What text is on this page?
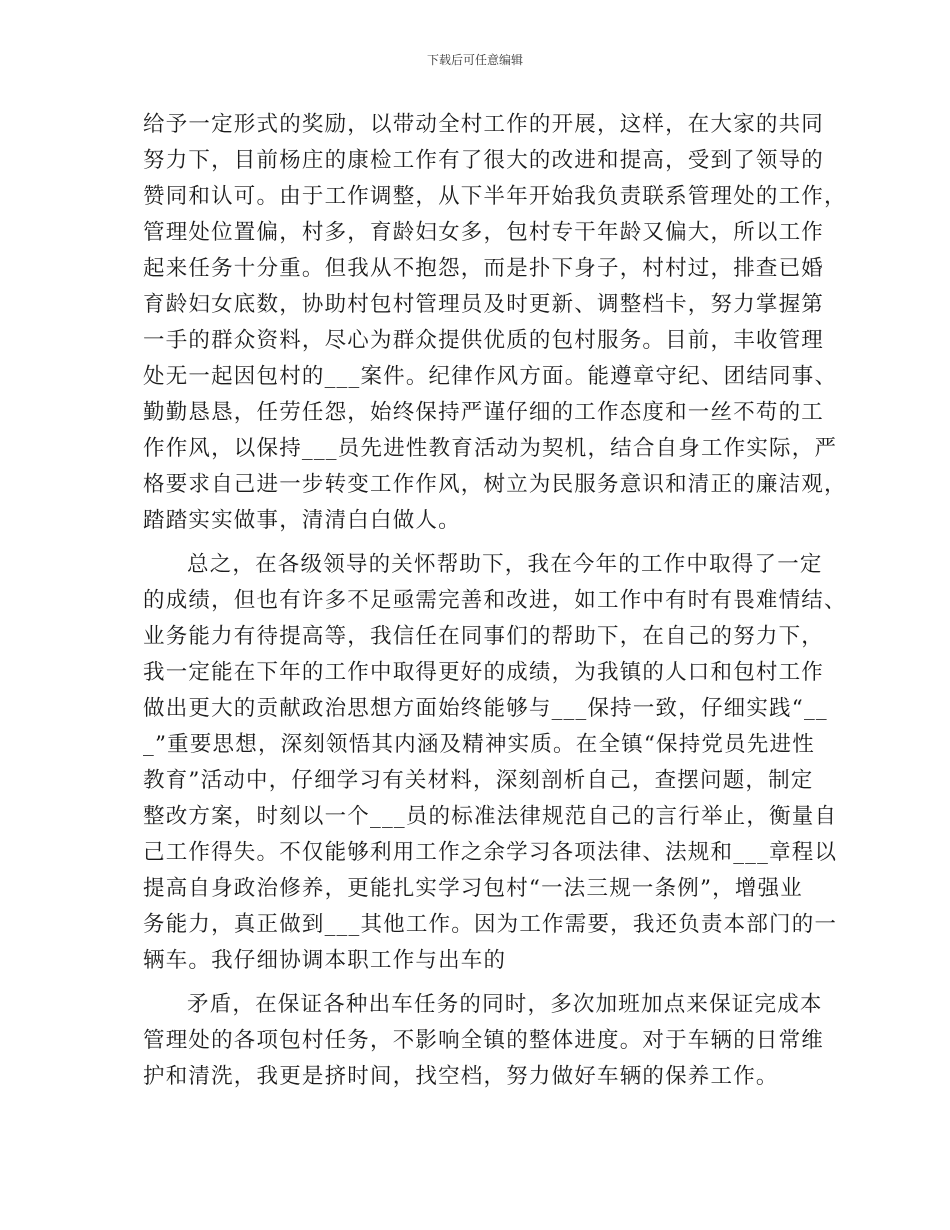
下载后可任意编辑
给予一定形式的奖励，以带动全村工作的开展，这样，在大家的共同
努力下，目前杨庄的康检工作有了很大的改进和提高，受到了领导的
赞同和认可。由于工作调整，从下半年开始我负责联系管理处的工作，
管理处位置偏，村多，育龄妇女多，包村专干年龄又偏大，所以工作
起来任务十分重。但我从不抱怨，而是扑下身子，村村过，排查已婚
育龄妇女底数，协助村包村管理员及时更新、调整档卡，努力掌握第
一手的群众资料，尽心为群众提供优质的包村服务。目前，丰收管理
处无一起因包村的___案件。纪律作风方面。能遵章守纪、团结同事、
勤勤恳恳，任劳任怨，始终保持严谨仔细的工作态度和一丝不苟的工
作作风，以保持___员先进性教育活动为契机，结合自身工作实际，严
格要求自己进一步转变工作作风，树立为民服务意识和清正的廉洁观，
踏踏实实做事，清清白白做人。
总之，在各级领导的关怀帮助下，我在今年的工作中取得了一定
的成绩，但也有许多不足亟需完善和改进，如工作中有时有畏难情结、
业务能力有待提高等，我信任在同事们的帮助下，在自己的努力下，
我一定能在下年的工作中取得更好的成绩，为我镇的人口和包村工作
做出更大的贡献政治思想方面始终能够与___保持一致，仔细实践“__
_”重要思想，深刻领悟其内涵及精神实质。在全镇“保持党员先进性
教育”活动中，仔细学习有关材料，深刻剖析自己，查摆问题，制定
整改方案，时刻以一个___员的标准法律规范自己的言行举止，衡量自
己工作得失。不仅能够利用工作之余学习各项法律、法规和___章程以
提高自身政治修养，更能扎实学习包村“一法三规一条例”，增强业
务能力，真正做到___其他工作。因为工作需要，我还负责本部门的一
辆车。我仔细协调本职工作与出车的
矛盾，在保证各种出车任务的同时，多次加班加点来保证完成本
管理处的各项包村任务，不影响全镇的整体进度。对于车辆的日常维
护和清洗，我更是挤时间，找空档，努力做好车辆的保养工作。
